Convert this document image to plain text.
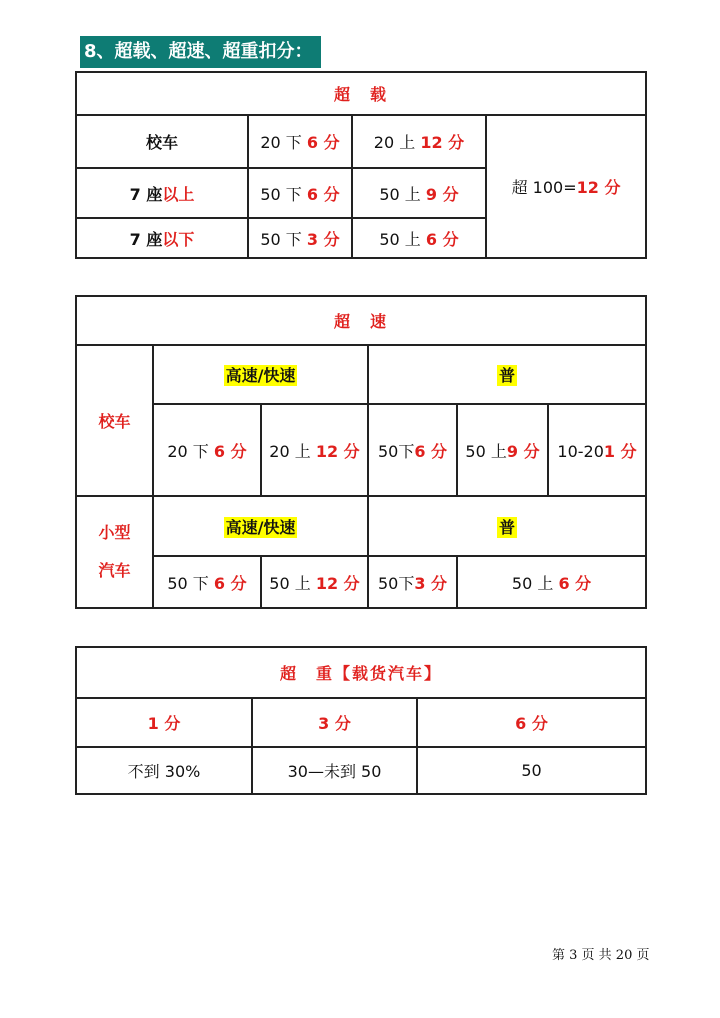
8、超载、超速、超重扣分：
超　载			
校车	20 下 6 分	20 上 12 分	超 100=12 分
7 座以上	50 下 6 分	50 上 9 分	
7 座以下	50 下 3 分	50 上 6 分	
超　速					
校车	高速/快速		普		
	20 下 6 分	20 上 12 分	50下6 分	50 上9 分	10-201 分

小型
汽车	高速/快速		普		
	50 下 6 分	50 上 12 分	50下3 分	50 上 6 分	
超　重【载货汽车】		
1 分	3 分	6 分
不到 30%	30—未到 50	50
第 3 页 共 20 页
